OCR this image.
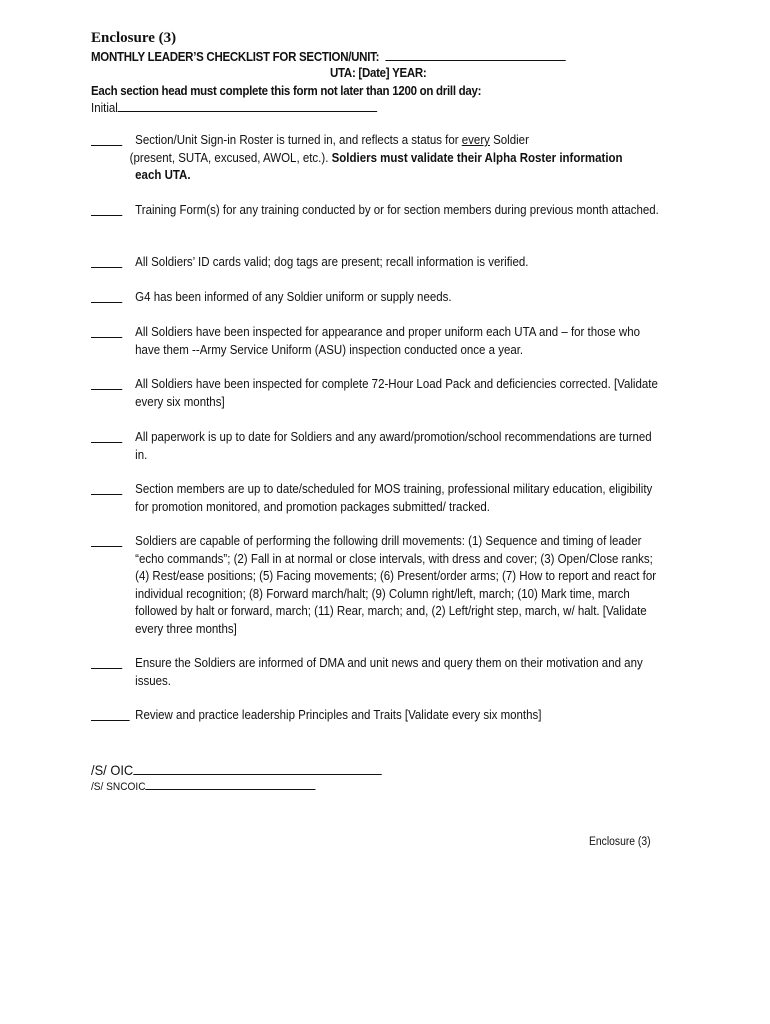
Enclosure (3)
MONTHLY LEADER’S CHECKLIST FOR SECTION/UNIT:
UTA: [Date] YEAR:
Each section head must complete this form not later than 1200 on drill day:
Initial
Section/Unit Sign-in Roster is turned in, and reflects a status for every Soldier
(present, SUTA, excused, AWOL, etc.). Soldiers must validate their Alpha Roster information
each UTA.
Training Form(s) for any training conducted by or for section members during previous month attached.
All Soldiers’ ID cards valid; dog tags are present; recall information is verified.
G4 has been informed of any Soldier uniform or supply needs.
All Soldiers have been inspected for appearance and proper uniform each UTA and – for those who have them --Army Service Uniform (ASU) inspection conducted once a year.
All Soldiers have been inspected for complete 72-Hour Load Pack and deficiencies corrected. [Validate every six months]
All paperwork is up to date for Soldiers and any award/promotion/school recommendations are turned in.
Section members are up to date/scheduled for MOS training, professional military education, eligibility for promotion monitored, and promotion packages submitted/ tracked.
Soldiers are capable of performing the following drill movements: (1) Sequence and timing of leader “echo commands”; (2) Fall in at normal or close intervals, with dress and cover; (3) Open/Close ranks; (4) Rest/ease positions; (5) Facing movements; (6) Present/order arms; (7) How to report and react for individual recognition; (8) Forward march/halt; (9) Column right/left, march; (10) Mark time, march followed by halt or forward, march; (11) Rear, march; and, (2) Left/right step, march, w/ halt. [Validate every three months]
Ensure the Soldiers are informed of DMA and unit news and query them on their motivation and any issues.
Review and practice leadership Principles and Traits [Validate every six months]
/S/ OIC
/S/ SNCOIC
Enclosure (3)
